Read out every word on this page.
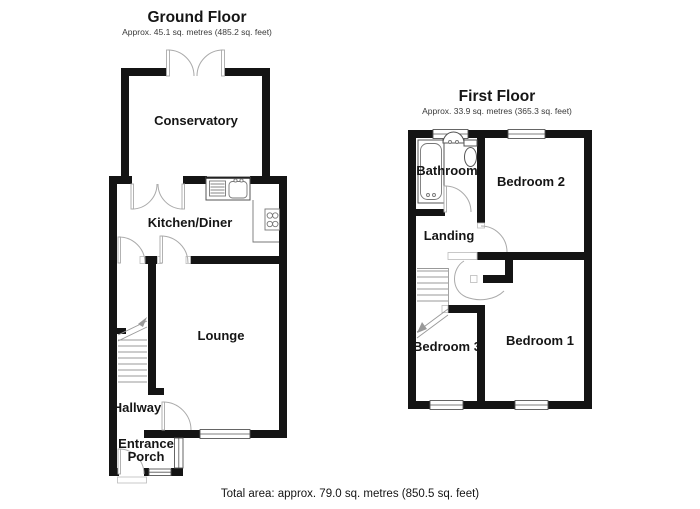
Ground Floor
Approx. 45.1 sq. metres (485.2 sq. feet)
First Floor
Approx. 33.9 sq. metres (365.3 sq. feet)
Conservatory
Kitchen/Diner
Lounge
Hallway
Entrance
Porch
Bathroom
Bedroom 2
Landing
Bedroom 3 Bedroom 1
Total area: approx. 79.0 sq. metres (850.5 sq. feet)
